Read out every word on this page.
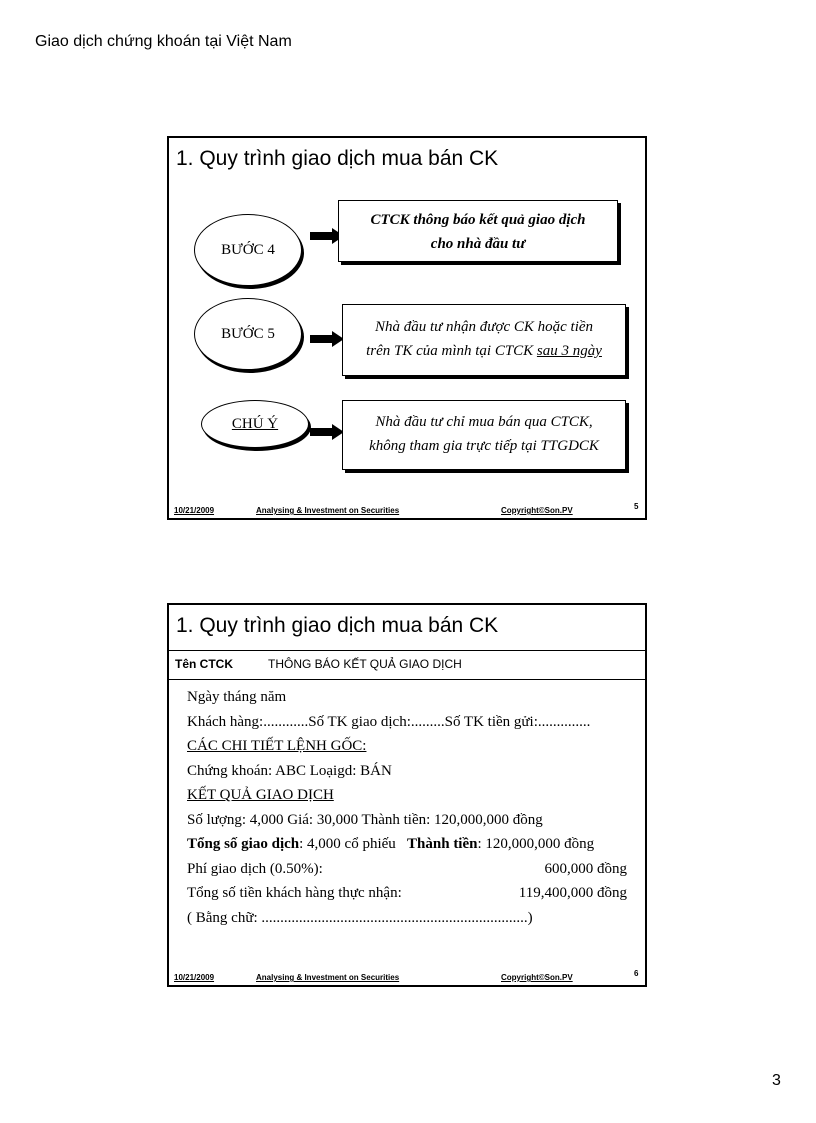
Giao dịch chứng khoán tại Việt Nam
1. Quy trình giao dịch mua bán CK
BƯỚC 4
CTCK thông báo kết quả giao dịch
cho nhà đầu tư
BƯỚC 5	Nhà đầu tư nhận được CK hoặc tiền
trên TK của mình tại CTCK sau 3 ngày
CHÚ Ý	Nhà đầu tư chỉ mua bán qua CTCK,
không tham gia trực tiếp tại TTGDCK
10/21/2009	Analysing & Investment on Securities	Copyright©Son.PV	5
1. Quy trình giao dịch mua bán CK
Tên CTCK	THÔNG BÁO KẾT QUẢ GIAO DỊCH
Ngày tháng năm
Khách hàng:............Số TK giao dịch:.........Số TK tiền gửi:..............
CÁC CHI TIẾT LỆNH GỐC:
Chứng khoán: ABC Loạigd: BÁN
KẾT QUẢ GIAO DỊCH
Số lượng: 4,000 Giá: 30,000 Thành tiền: 120,000,000 đồng
Tổng số giao dịch: 4,000 cổ phiếu Thành tiền: 120,000,000 đồng
Phí giao dịch (0.50%):	600,000 đồng
Tổng số tiền khách hàng thực nhận:	119,400,000 đồng
( Bằng chữ: .......................................................................)
10/21/2009	Analysing & Investment on Securities	Copyright©Son.PV	6
3
